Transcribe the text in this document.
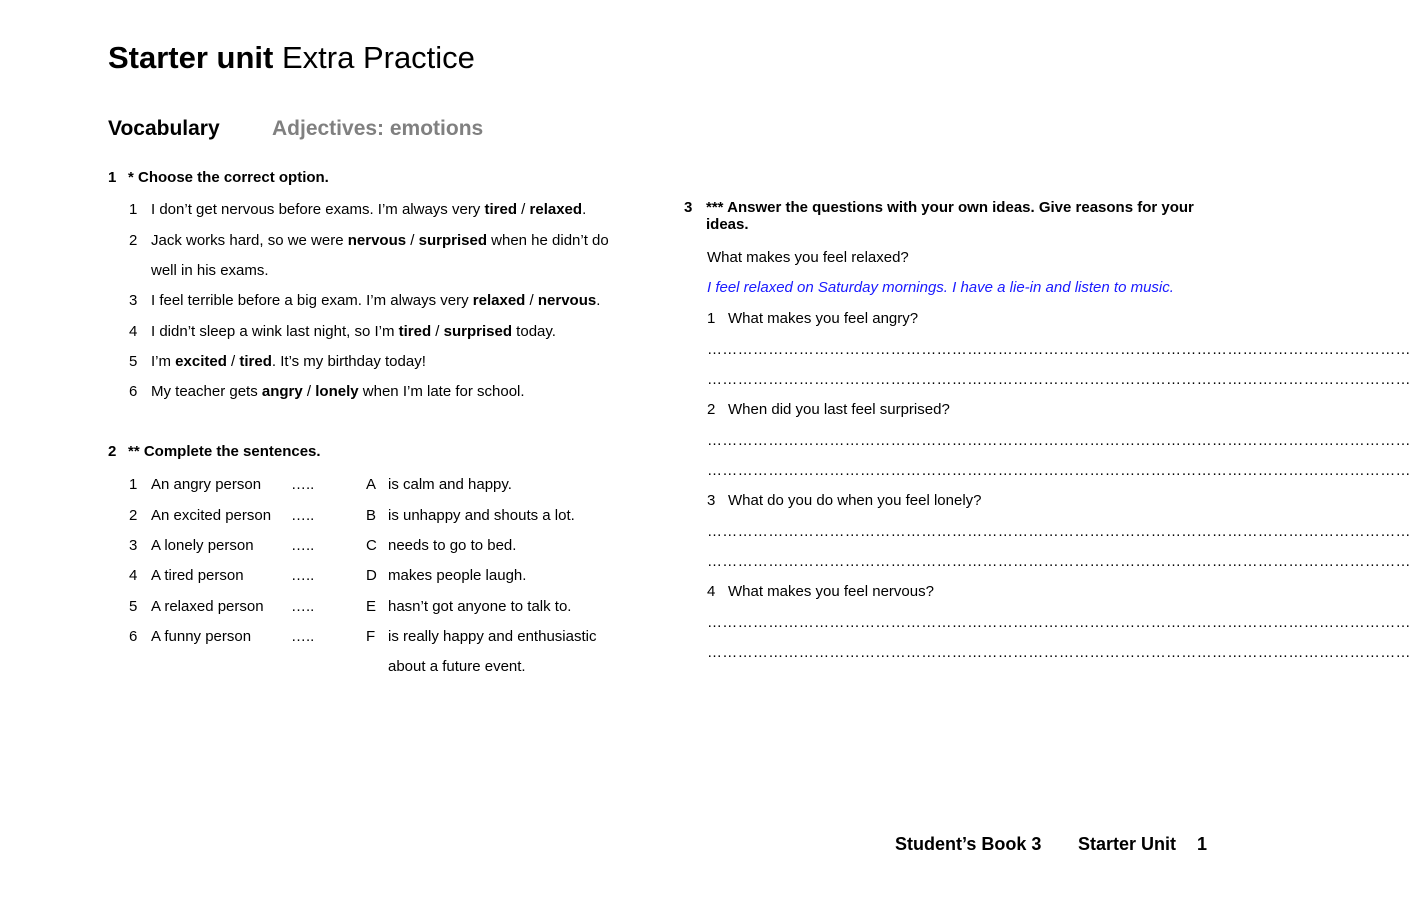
Starter unit Extra Practice
Vocabulary Adjectives: emotions
1 * Choose the correct option.
1 I don’t get nervous before exams. I’m always very tired / relaxed.
2 Jack works hard, so we were nervous / surprised when he didn’t do
well in his exams.
3 I feel terrible before a big exam. I’m always very relaxed / nervous.
4 I didn’t sleep a wink last night, so I’m tired / surprised today.
5 I’m excited / tired. It’s my birthday today!
6 My teacher gets angry / lonely when I’m late for school.
2 ** Complete the sentences.
1 An angry person …..	A is calm and happy.
2 An excited person …..	B is unhappy and shouts a lot.
3 A lonely person …..	C needs to go to bed.
4 A tired person	…..	D makes people laugh.
5 A relaxed person …..	E hasn’t got anyone to talk to.
6 A funny person	…..	F is really happy and enthusiastic
about a future event.
3 *** Answer the questions with your own ideas. Give reasons for your ideas.
What makes you feel relaxed?
I feel relaxed on Saturday mornings. I have a lie-in and listen to music.
1 What makes you feel angry?
…………………………………………………………………………………………………………………………
…………………………………………………………………………………………………………………………
2 When did you last feel surprised?
…………………………………………………………………………………………………………………………
…………………………………………………………………………………………………………………………
3 What do you do when you feel lonely?
…………………………………………………………………………………………………………………………
…………………………………………………………………………………………………………………………
4 What makes you feel nervous?
…………………………………………………………………………………………………………………………
…………………………………………………………………………………………………………………………
Student’s Book 3 Starter Unit 1
